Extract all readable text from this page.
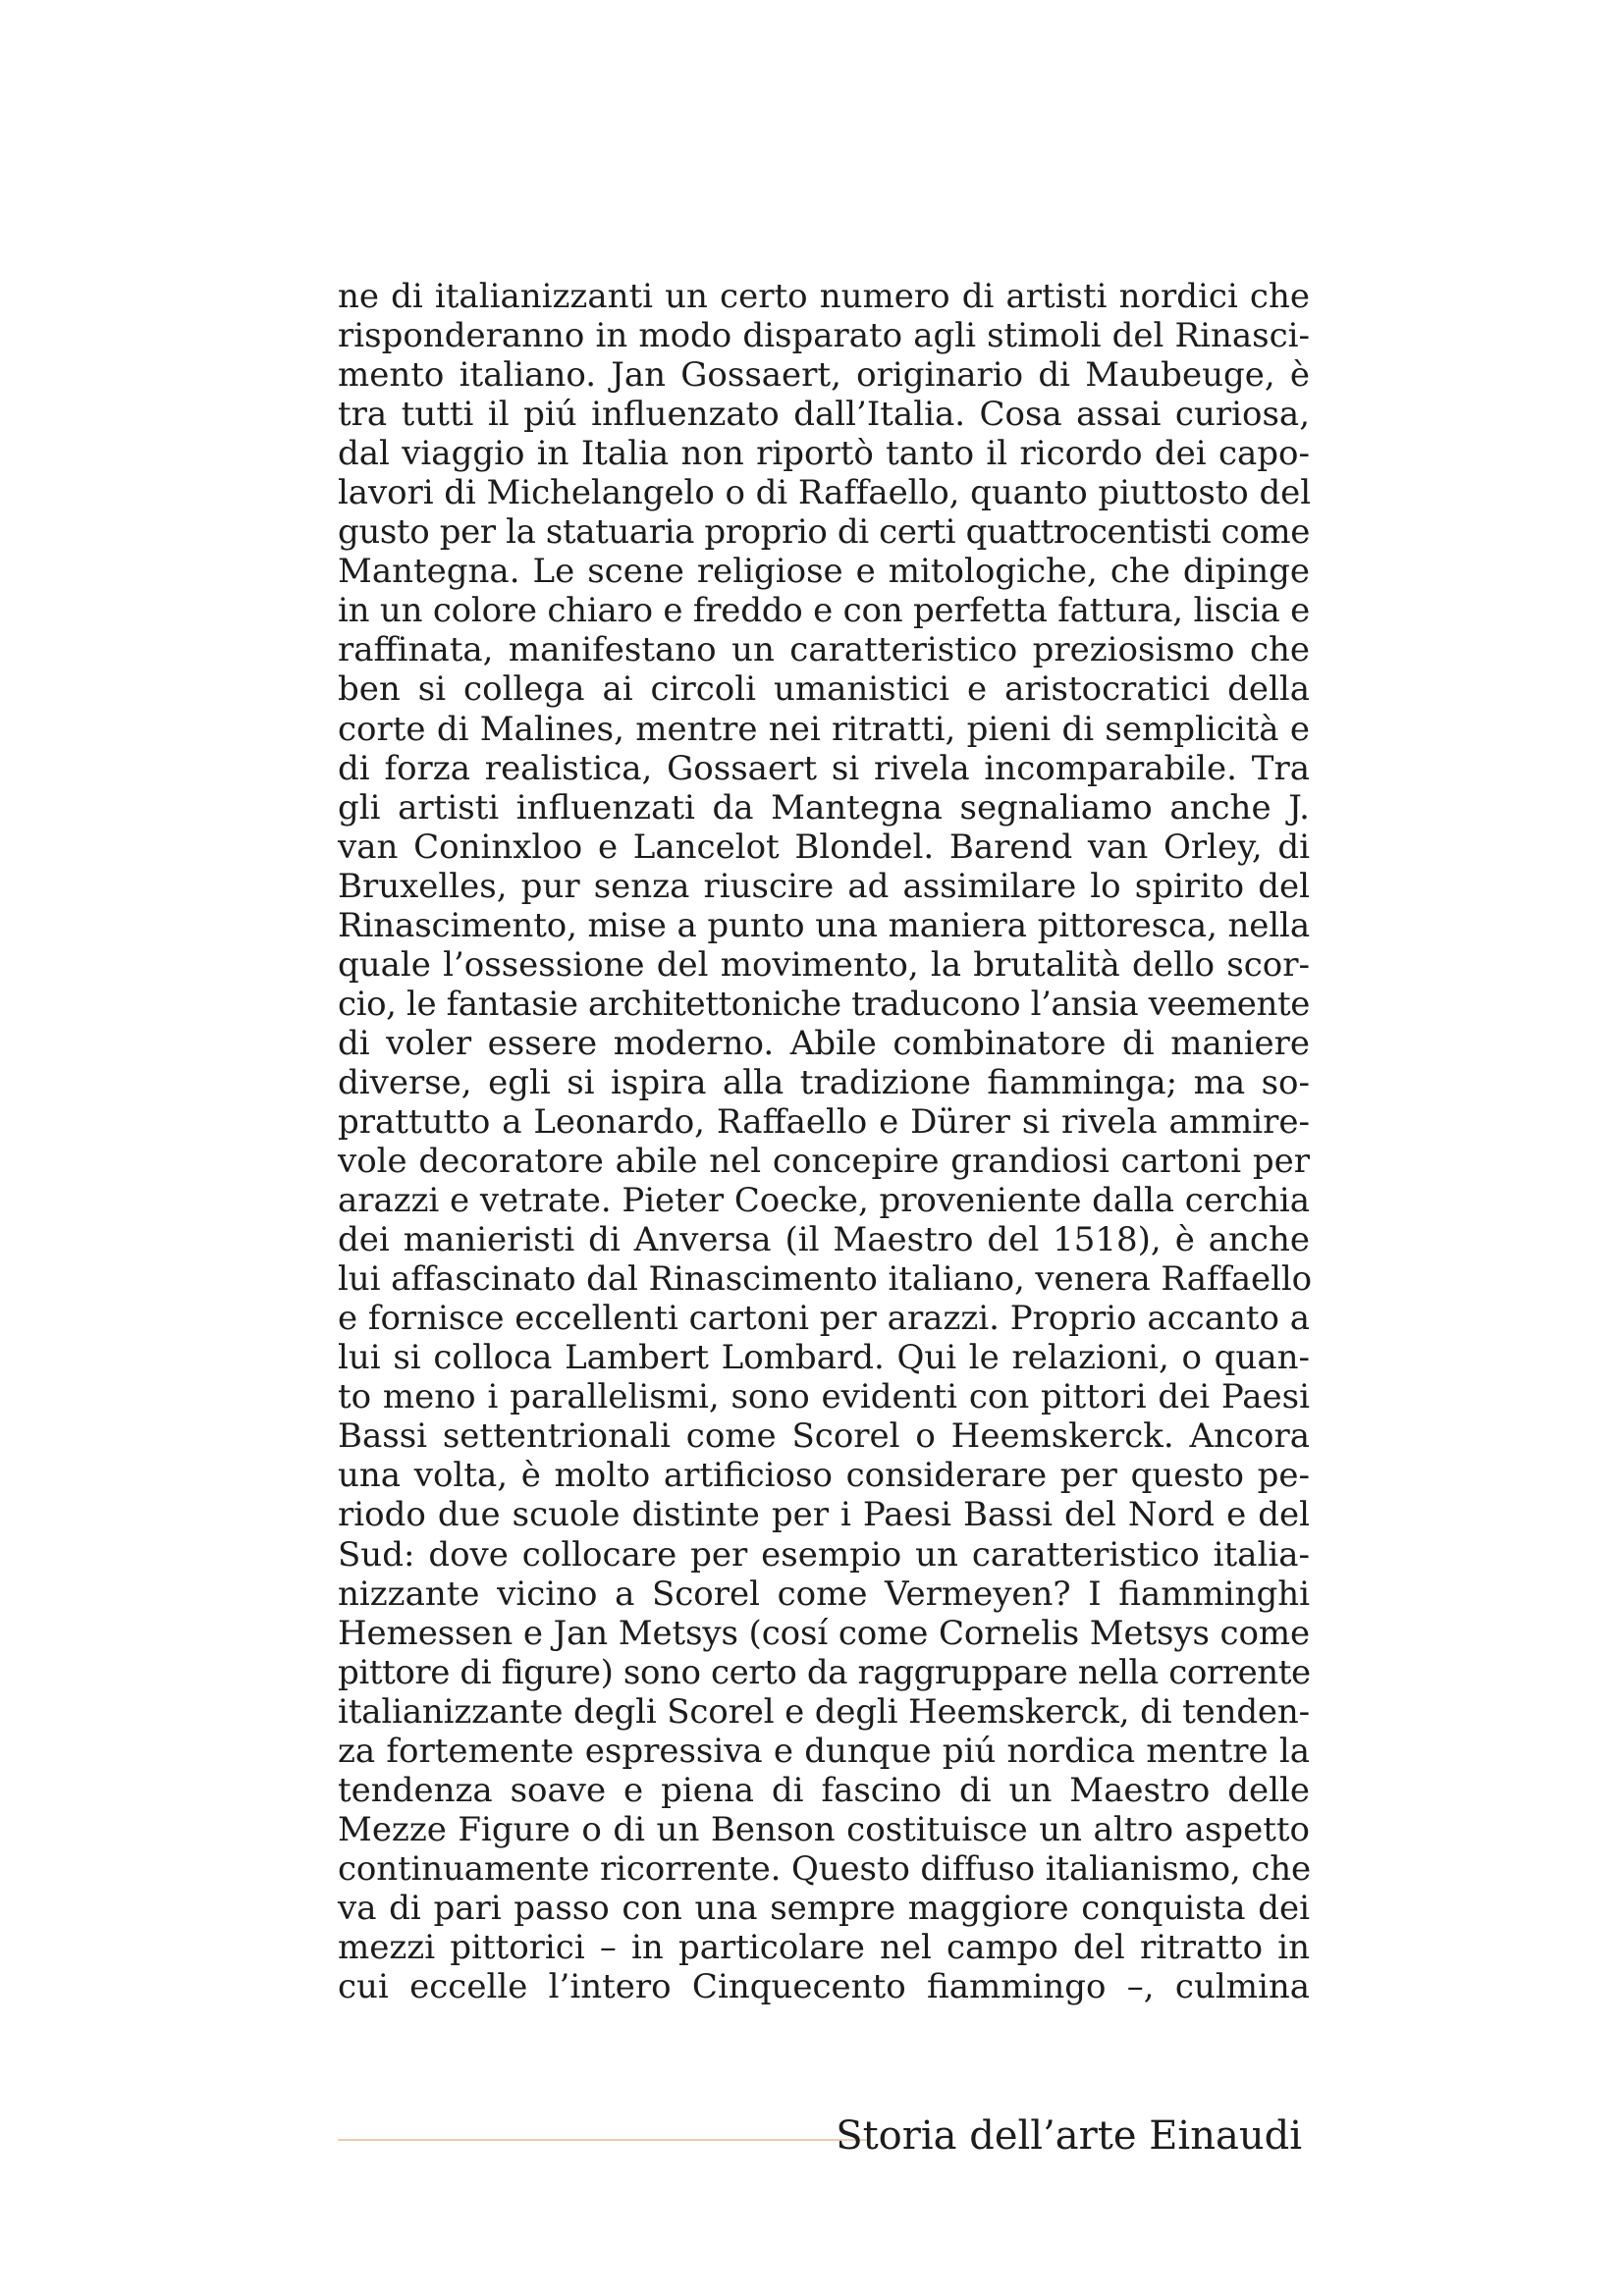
ne di italianizzanti un certo numero di artisti nordici che
risponderanno in modo disparato agli stimoli del Rinasci-
mento italiano. Jan Gossaert, originario di Maubeuge, è
tra tutti il piú influenzato dall’Italia. Cosa assai curiosa,
dal viaggio in Italia non riportò tanto il ricordo dei capo-
lavori di Michelangelo o di Raffaello, quanto piuttosto del
gusto per la statuaria proprio di certi quattrocentisti come
Mantegna. Le scene religiose e mitologiche, che dipinge
in un colore chiaro e freddo e con perfetta fattura, liscia e
raffinata, manifestano un caratteristico preziosismo che
ben si collega ai circoli umanistici e aristocratici della
corte di Malines, mentre nei ritratti, pieni di semplicità e
di forza realistica, Gossaert si rivela incomparabile. Tra
gli artisti influenzati da Mantegna segnaliamo anche J.
van Coninxloo e Lancelot Blondel. Barend van Orley, di
Bruxelles, pur senza riuscire ad assimilare lo spirito del
Rinascimento, mise a punto una maniera pittoresca, nella
quale l’ossessione del movimento, la brutalità dello scor-
cio, le fantasie architettoniche traducono l’ansia veemente
di voler essere moderno. Abile combinatore di maniere
diverse, egli si ispira alla tradizione fiamminga; ma so-
prattutto a Leonardo, Raffaello e Dürer si rivela ammire-
vole decoratore abile nel concepire grandiosi cartoni per
arazzi e vetrate. Pieter Coecke, proveniente dalla cerchia
dei manieristi di Anversa (il Maestro del 1518), è anche
lui affascinato dal Rinascimento italiano, venera Raffaello
e fornisce eccellenti cartoni per arazzi. Proprio accanto a
lui si colloca Lambert Lombard. Qui le relazioni, o quan-
to meno i parallelismi, sono evidenti con pittori dei Paesi
Bassi settentrionali come Scorel o Heemskerck. Ancora
una volta, è molto artificioso considerare per questo pe-
riodo due scuole distinte per i Paesi Bassi del Nord e del
Sud: dove collocare per esempio un caratteristico italia-
nizzante vicino a Scorel come Vermeyen? I fiamminghi
Hemessen e Jan Metsys (cosí come Cornelis Metsys come
pittore di figure) sono certo da raggruppare nella corrente
italianizzante degli Scorel e degli Heemskerck, di tenden-
za fortemente espressiva e dunque piú nordica mentre la
tendenza soave e piena di fascino di un Maestro delle
Mezze Figure o di un Benson costituisce un altro aspetto
continuamente ricorrente. Questo diffuso italianismo, che
va di pari passo con una sempre maggiore conquista dei
mezzi pittorici – in particolare nel campo del ritratto in
cui eccelle l’intero Cinquecento fiammingo –, culmina
Storia dell’arte Einaudi
